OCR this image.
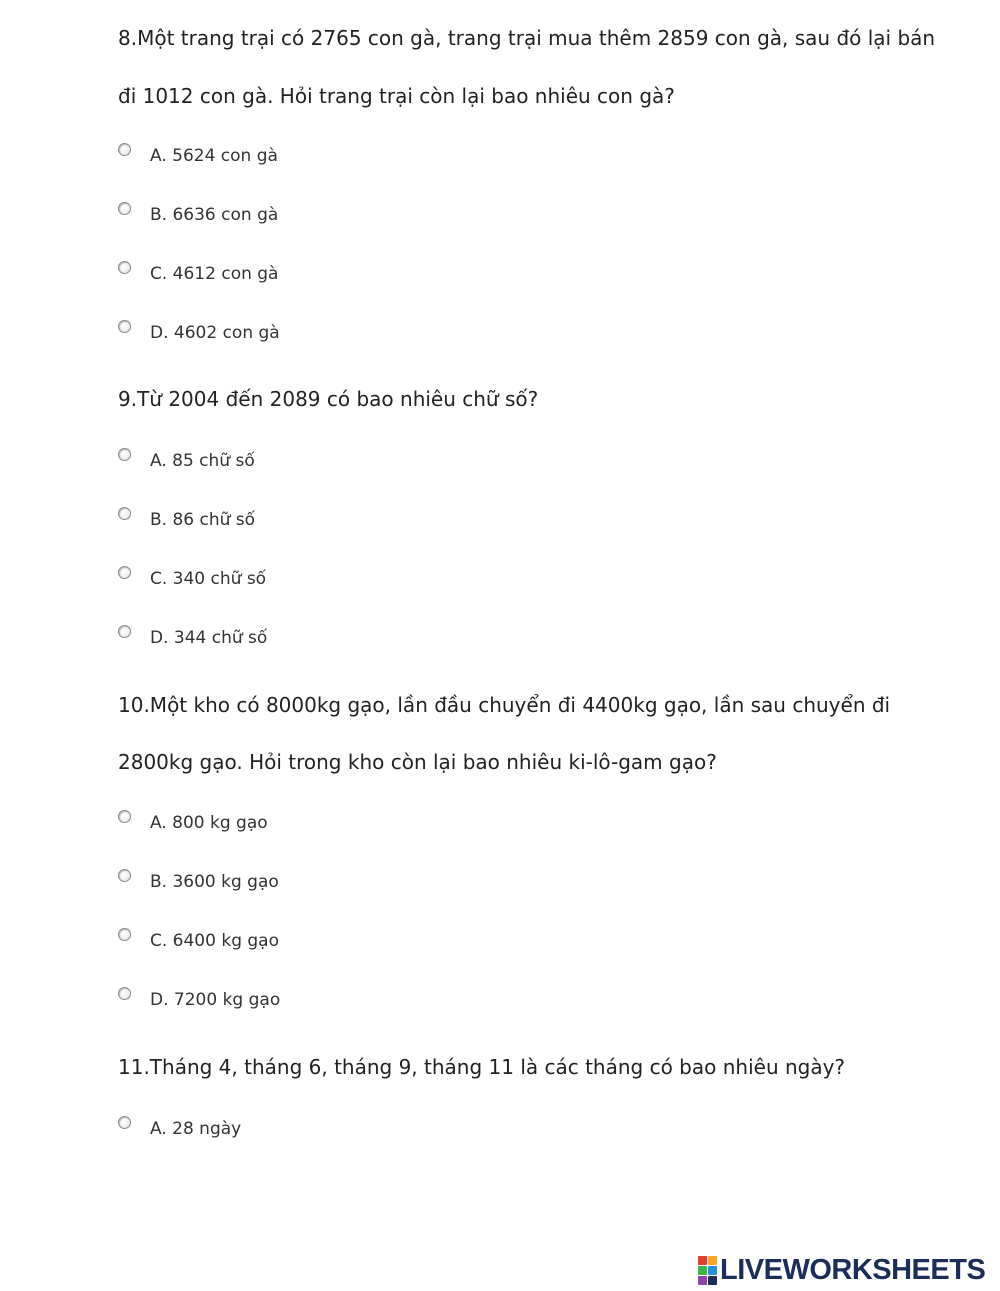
8.Một trang trại có 2765 con gà, trang trại mua thêm 2859 con gà, sau đó lại bán
đi 1012 con gà. Hỏi trang trại còn lại bao nhiêu con gà?
A. 5624 con gà
B. 6636 con gà
C. 4612 con gà
D. 4602 con gà
9.Từ 2004 đến 2089 có bao nhiêu chữ số?
A. 85 chữ số
B. 86 chữ số
C. 340 chữ số
D. 344 chữ số
10.Một kho có 8000kg gạo, lần đầu chuyển đi 4400kg gạo, lần sau chuyển đi
2800kg gạo. Hỏi trong kho còn lại bao nhiêu ki-lô-gam gạo?
A. 800 kg gạo
B. 3600 kg gạo
C. 6400 kg gạo
D. 7200 kg gạo
11.Tháng 4, tháng 6, tháng 9, tháng 11 là các tháng có bao nhiêu ngày?
A. 28 ngày
LIVEWORKSHEETS
